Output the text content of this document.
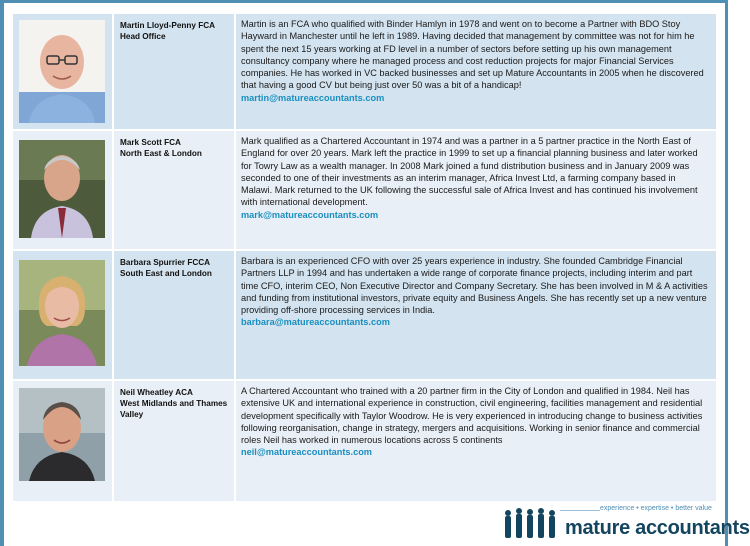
Martin Lloyd-Penny FCA
Head Office
Martin is an FCA who qualified with Binder Hamlyn in 1978 and went on to become a Partner with BDO Stoy Hayward in Manchester until he left in 1989. Having decided that management by committee was not for him he spent the next 15 years working at FD level in a number of sectors before setting up his own management consultancy company where he managed process and cost reduction projects for major Financial Services companies. He has worked in VC backed businesses and set up Mature Accountants in 2005 when he discovered that having a good CV but being just over 50 was a bit of a handicap!
martin@matureaccountants.com
Mark Scott FCA
North East & London
Mark qualified as a Chartered Accountant in 1974 and was a partner in a 5 partner practice in the North East of England for over 20 years. Mark left the practice in 1999 to set up a financial planning business and later worked for Towry Law as a wealth manager. In 2008 Mark joined a fund distribution business and in January 2009 was seconded to one of their investments as an interim manager, Africa Invest Ltd, a farming company based in Malawi. Mark returned to the UK following the successful sale of Africa Invest and has continued his involvement with international development.
mark@matureaccountants.com
Barbara Spurrier FCCA
South East and London
Barbara is an experienced CFO with over 25 years experience in industry. She founded Cambridge Financial Partners LLP in 1994 and has undertaken a wide range of corporate finance projects, including interim and part time CFO, interim CEO, Non Executive Director and Company Secretary. She has been involved in M & A activities and funding from institutional investors, private equity and Business Angels. She has recently set up a new venture providing off-shore processing services in India.
barbara@matureaccountants.com
Neil Wheatley ACA
West Midlands and Thames Valley
A Chartered Accountant who trained with a 20 partner firm in the City of London and qualified in 1984. Neil has extensive UK and international experience in construction, civil engineering, facilities management and residential development specifically with Taylor Woodrow. He is very experienced in introducing change to business activities following reorganisation, change in strategy, mergers and acquisitions. Working in senior finance and commercial roles Neil has worked in numerous locations across 5 continents
neil@matureaccountants.com
experience • expertise • better value
mature accountants
